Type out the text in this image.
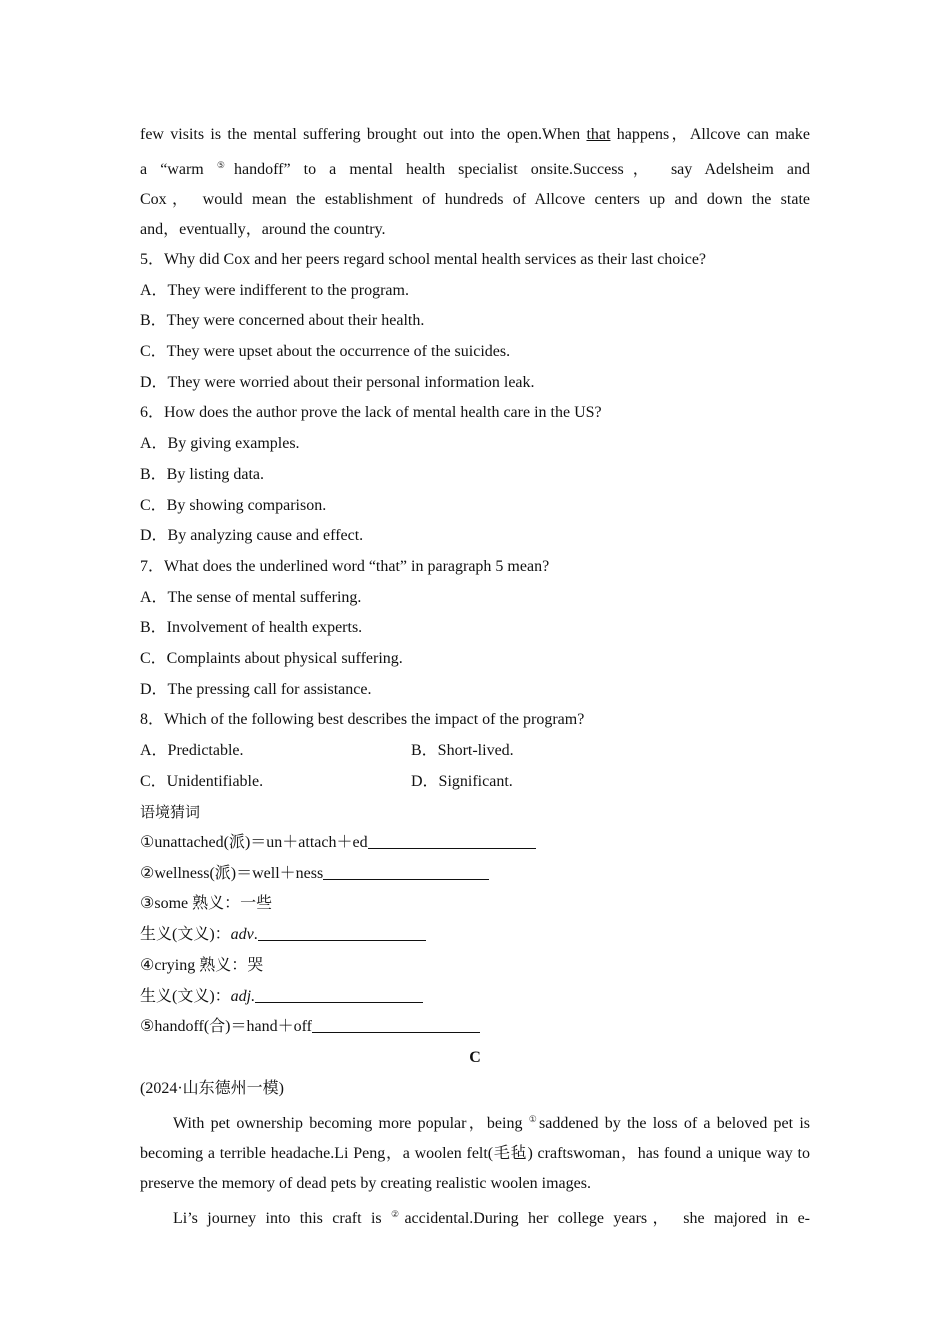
few visits is the mental suffering brought out into the open.When that happens，Allcove can make

a “warm ⑤handoff” to a mental health specialist onsite.Success， say Adelsheim and

Cox， would mean the establishment of hundreds of Allcove centers up and down the state

and，eventually，around the country.

5．Why did Cox and her peers regard school mental health services as their last choice?

A．They were indifferent to the program.

B．They were concerned about their health.

C．They were upset about the occurrence of the suicides.

D．They were worried about their personal information leak.

6．How does the author prove the lack of mental health care in the US?

A．By giving examples.

B．By listing data.

C．By showing comparison.

D．By analyzing cause and effect.

7．What does the underlined word “that” in paragraph 5 mean?

A．The sense of mental suffering.

B．Involvement of health experts.

C．Complaints about physical suffering.

D．The pressing call for assistance.

8．Which of the following best describes the impact of the program?

A．Predictable.	B．Short-lived.

C．Unidentifiable.	D．Significant.

语境猜词

①unattached(派)＝un＋attach＋ed

②wellness(派)＝well＋ness

③some 熟义：一些

生义(文义)：adv.

④crying 熟义：哭

生义(文义)：adj.

⑤handoff(合)＝hand＋off

C

(2024·山东德州一模)

With pet ownership becoming more popular，being ①saddened by the loss of a beloved pet is becoming a terrible headache.Li Peng，a woolen felt(毛毡) craftswoman，has found a unique way to preserve the memory of dead pets by creating realistic woolen images.

Li’s journey into this craft is ②accidental.During her college years， she majored in e-
